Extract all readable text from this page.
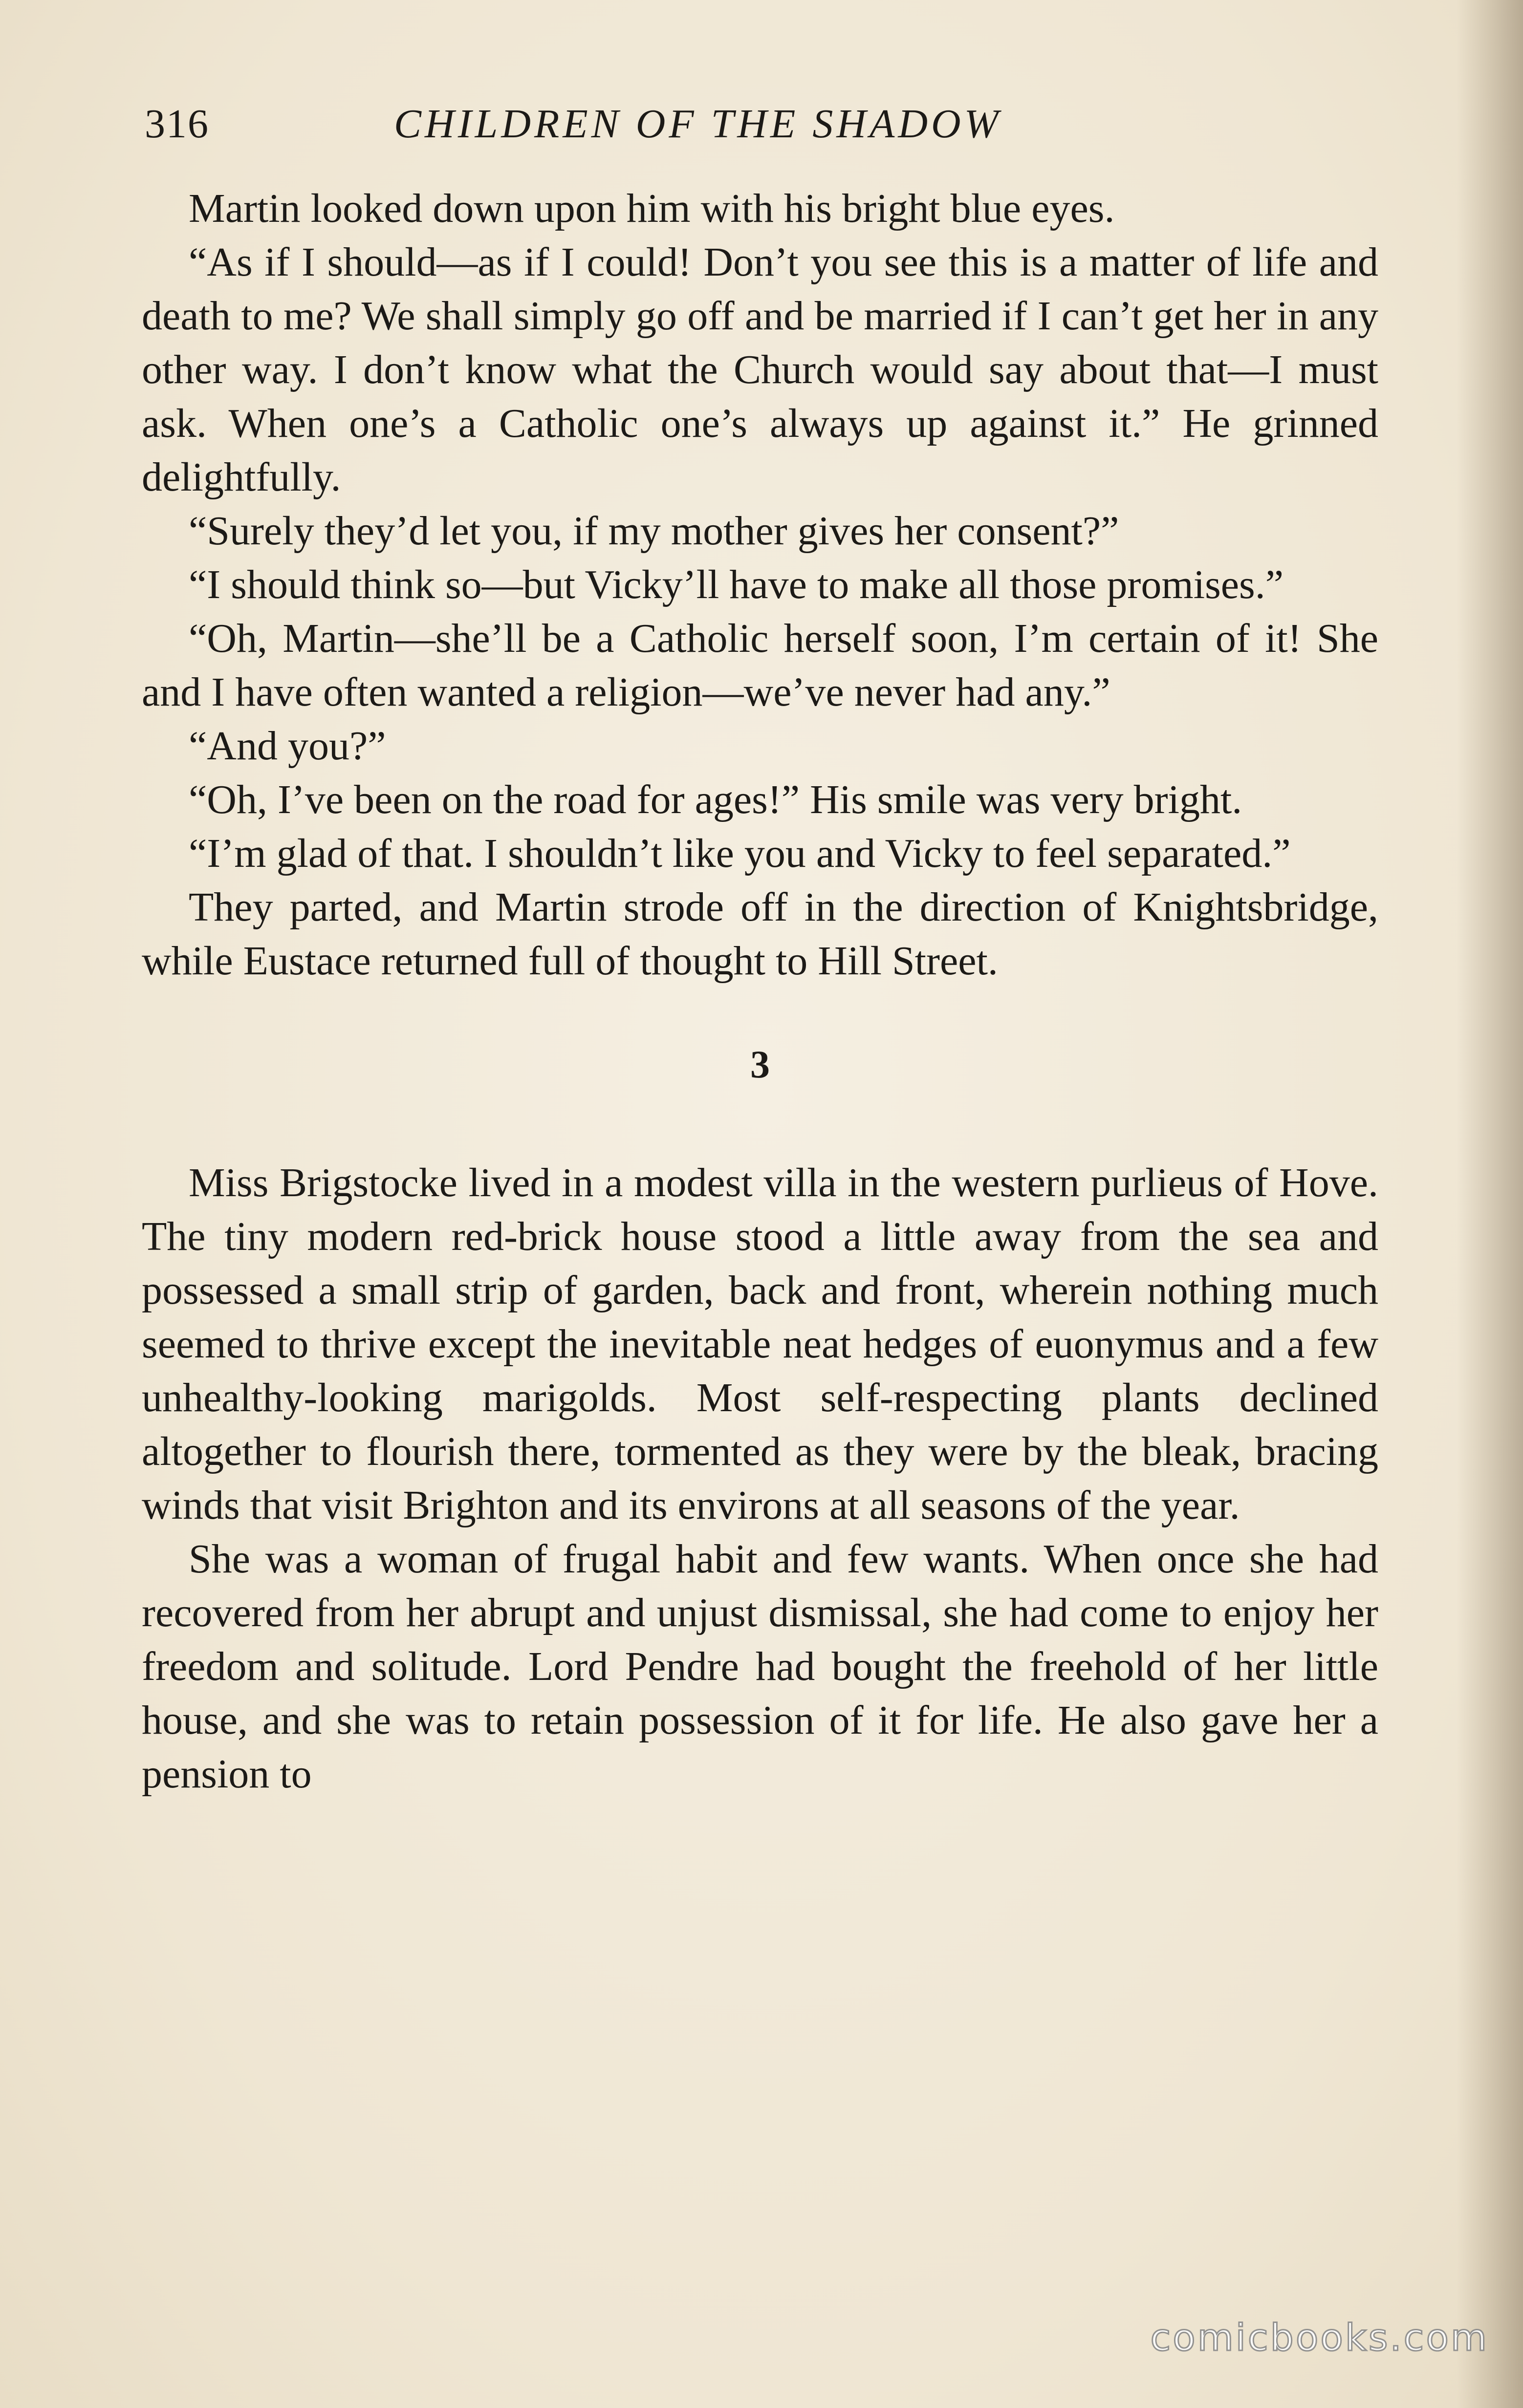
316	CHILDREN OF THE SHADOW

Martin looked down upon him with his bright blue eyes.

“As if I should—as if I could! Don’t you see this is a matter of life and death to me? We shall simply go off and be married if I can’t get her in any other way. I don’t know what the Church would say about that—I must ask. When one’s a Catholic one’s always up against it.” He grinned delightfully.

“Surely they’d let you, if my mother gives her consent?”

“I should think so—but Vicky’ll have to make all those promises.”

“Oh, Martin—she’ll be a Catholic herself soon, I’m certain of it! She and I have often wanted a religion—we’ve never had any.”

“And you?”

“Oh, I’ve been on the road for ages!” His smile was very bright.

“I’m glad of that. I shouldn’t like you and Vicky to feel separated.”

They parted, and Martin strode off in the direction of Knightsbridge, while Eustace returned full of thought to Hill Street.

3

Miss Brigstocke lived in a modest villa in the western purlieus of Hove. The tiny modern red-brick house stood a little away from the sea and possessed a small strip of garden, back and front, wherein nothing much seemed to thrive except the inevitable neat hedges of euonymus and a few unhealthy-looking marigolds. Most self-respecting plants declined altogether to flourish there, tormented as they were by the bleak, bracing winds that visit Brighton and its environs at all seasons of the year.

She was a woman of frugal habit and few wants. When once she had recovered from her abrupt and unjust dismissal, she had come to enjoy her freedom and solitude. Lord Pendre had bought the freehold of her little house, and she was to retain possession of it for life. He also gave her a pension to

comicbooks.com
